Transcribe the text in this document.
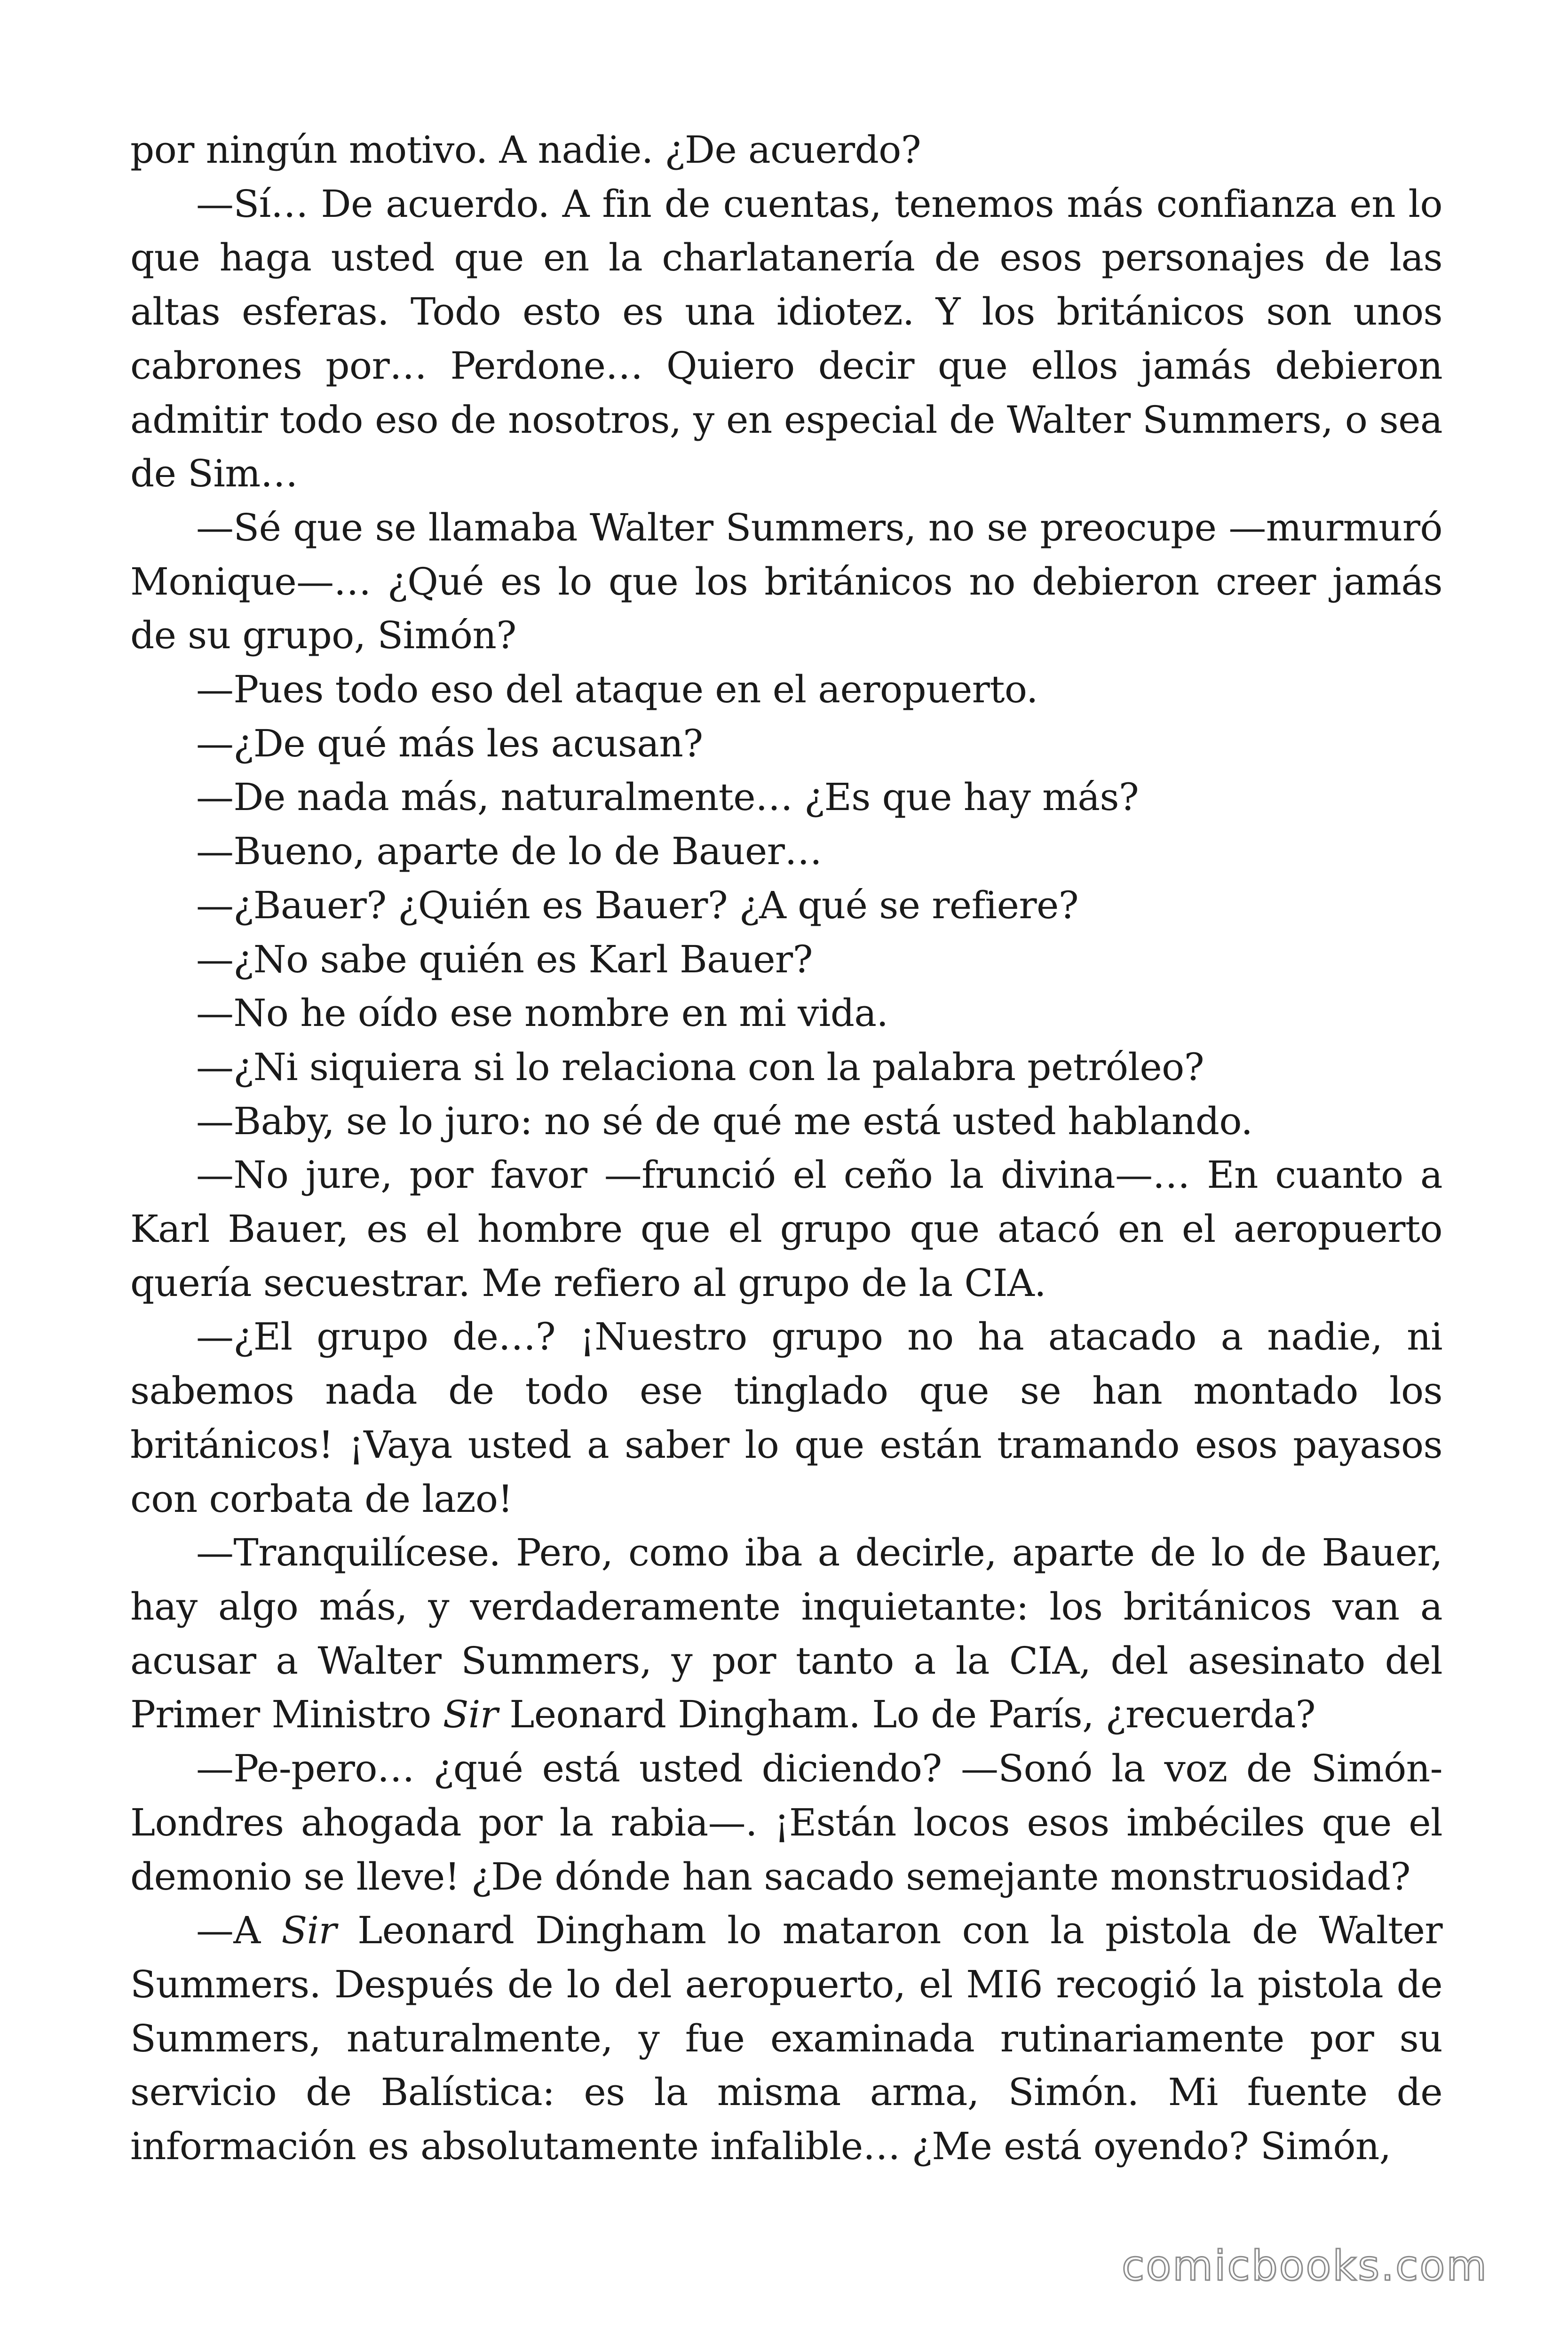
por ningún motivo. A nadie. ¿De acuerdo?

—Sí… De acuerdo. A fin de cuentas, tenemos más confianza en lo que haga usted que en la charlatanería de esos personajes de las altas esferas. Todo esto es una idiotez. Y los británicos son unos cabrones por… Perdone… Quiero decir que ellos jamás debieron admitir todo eso de nosotros, y en especial de Walter Summers, o sea de Sim…

—Sé que se llamaba Walter Summers, no se preocupe —murmuró Monique—… ¿Qué es lo que los británicos no debieron creer jamás de su grupo, Simón?

—Pues todo eso del ataque en el aeropuerto.

—¿De qué más les acusan?

—De nada más, naturalmente… ¿Es que hay más?

—Bueno, aparte de lo de Bauer…

—¿Bauer? ¿Quién es Bauer? ¿A qué se refiere?

—¿No sabe quién es Karl Bauer?

—No he oído ese nombre en mi vida.

—¿Ni siquiera si lo relaciona con la palabra petróleo?

—Baby, se lo juro: no sé de qué me está usted hablando.

—No jure, por favor —frunció el ceño la divina—… En cuanto a Karl Bauer, es el hombre que el grupo que atacó en el aeropuerto quería secuestrar. Me refiero al grupo de la CIA.

—¿El grupo de…? ¡Nuestro grupo no ha atacado a nadie, ni sabemos nada de todo ese tinglado que se han montado los británicos! ¡Vaya usted a saber lo que están tramando esos payasos con corbata de lazo!

—Tranquilícese. Pero, como iba a decirle, aparte de lo de Bauer, hay algo más, y verdaderamente inquietante: los británicos van a acusar a Walter Summers, y por tanto a la CIA, del asesinato del Primer Ministro Sir Leonard Dingham. Lo de París, ¿recuerda?

—Pe-pero… ¿qué está usted diciendo? —Sonó la voz de Simón-Londres ahogada por la rabia—. ¡Están locos esos imbéciles que el demonio se lleve! ¿De dónde han sacado semejante monstruosidad?

—A Sir Leonard Dingham lo mataron con la pistola de Walter Summers. Después de lo del aeropuerto, el MI6 recogió la pistola de Summers, naturalmente, y fue examinada rutinariamente por su servicio de Balística: es la misma arma, Simón. Mi fuente de información es absolutamente infalible… ¿Me está oyendo? Simón,

comicbooks.com
